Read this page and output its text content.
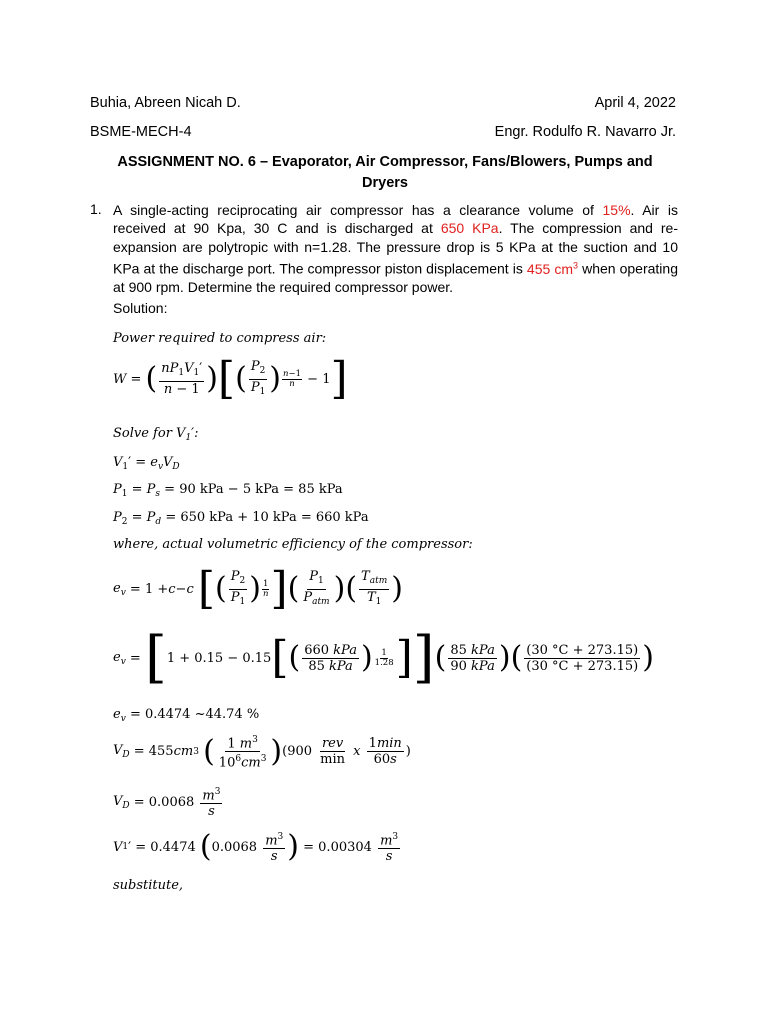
Buhia, Abreen Nicah D.	April 4, 2022
BSME-MECH-4	Engr. Rodulfo R. Navarro Jr.
ASSIGNMENT NO. 6 – Evaporator, Air Compressor, Fans/Blowers, Pumps and Dryers
1. A single-acting reciprocating air compressor has a clearance volume of 15%. Air is received at 90 Kpa, 30 C and is discharged at 650 KPa. The compression and re-expansion are polytropic with n=1.28. The pressure drop is 5 KPa at the suction and 10 KPa at the discharge port. The compressor piston displacement is 455 $cm^3$ when operating at 900 rpm. Determine the required compressor power.
Solution:
Power required to compress air:
W = ( $\frac{nP_1V_1'}{n - 1}$ ) [ ( $\frac{P_2}{P_1}$ ) n−1
n − 1 ]
Solve for $V_1'$:
$V_1' = e_vV_D$
$P_1 = P_s = 90$ kPa − 5 kPa = 85 kPa
$P_2 = P_d = 650$ kPa + 10 kPa = 660 kPa
where, actual volumetric efficiency of the compressor:
$e_v = 1 + c - c$
[ ( $\frac{P_2}{P_1}$ ) 1
n ] ( $\frac{P_1}{P_{atm}}$ ) ( $\frac{T_{atm}}{T_1}$ )
$e_v$ = [ 1 + 0.15 − 0.15 [ ( $\frac{\text{660 kPa}}{\text{85 kPa}}$ ) 1
1.28 ] ] ( $\frac{\text{85 kPa}}{\text{90 kPa}}$ ) ( $\frac{(30 ^\circ C + 273.15)}{(30 ^\circ C + 273.15)}$ )
$e_v = 0.4474$ ~44.74 %
$V_D = 455$ cm 3
( $\frac{1 m^3}{10^6cm^3}$ ) ($900 \frac{\text{rev}}{\min}$
x
$\frac{1\min}{60s}$ )
$V_D$
= 0.0068
$\frac{m^3}{s}$
V 1 ′ = 0.4474
( $0.0068 \frac{m^3}{s}$ )
= 0.00304
$\frac{m^3}{s}$
substitute,
